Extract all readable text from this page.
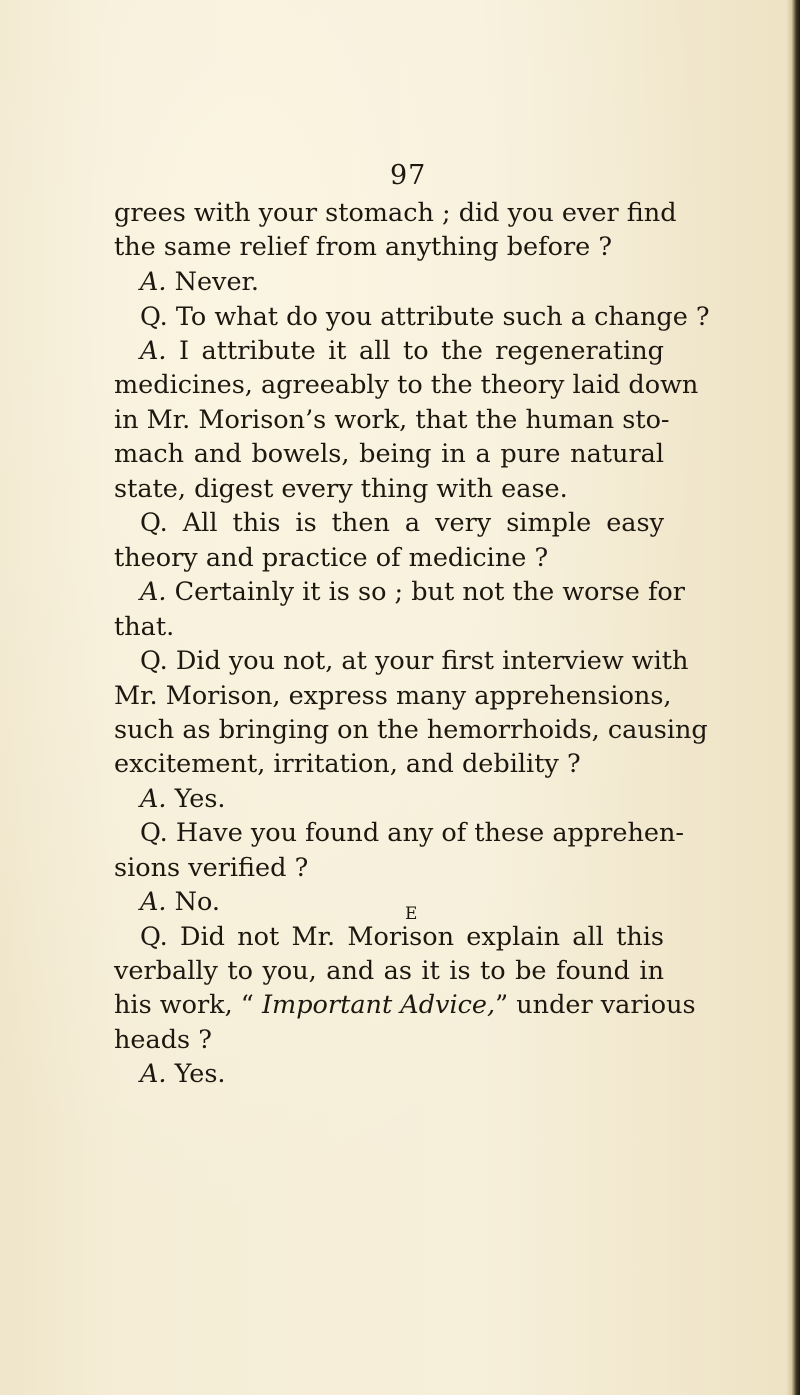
97
grees with your stomach ; did you ever find
the same relief from anything before ?
A. Never.
Q. To what do you attribute such a change ?
A. I attribute it all to the regenerating
medicines, agreeably to the theory laid down
in Mr. Morison’s work, that the human sto-
mach and bowels, being in a pure natural
state, digest every thing with ease.
Q. All this is then a very simple easy
theory and practice of medicine ?
A. Certainly it is so ; but not the worse for
that.
Q. Did you not, at your first interview with
Mr. Morison, express many apprehensions,
such as bringing on the hemorrhoids, causing
excitement, irritation, and debility ?
A. Yes.
Q. Have you found any of these apprehen-
sions verified ?
A. No.
Q. Did not Mr. Morison explain all this
verbally to you, and as it is to be found in
his work, “ Important Advice,” under various
heads ?
A. Yes.
E
